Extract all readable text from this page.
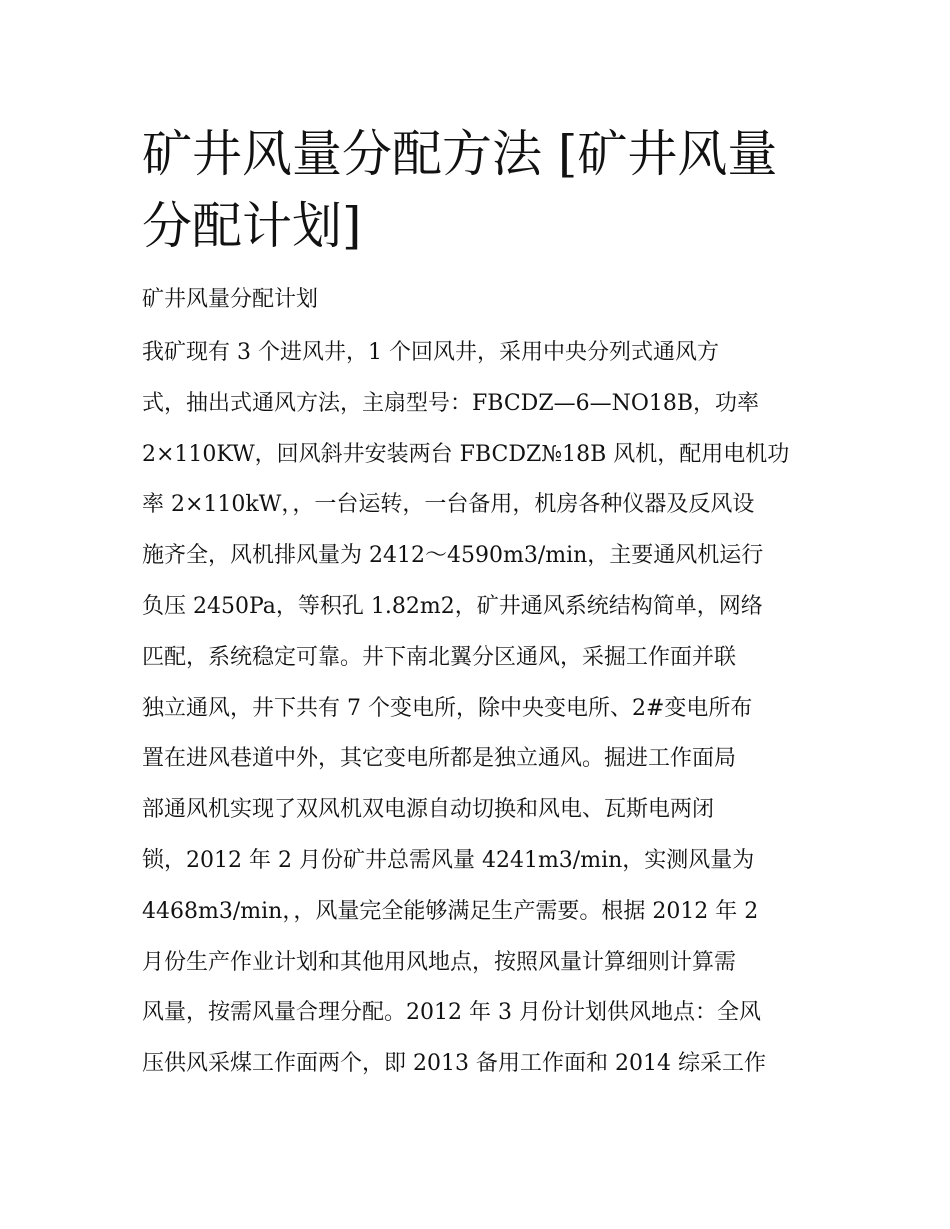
矿井风量分配方法 [矿井风量
分配计划]

矿井风量分配计划

我矿现有 3 个进风井，1 个回风井，采用中央分列式通风方
式，抽出式通风方法，主扇型号：FBCDZ—6—NO18B，功率
2×110KW，回风斜井安装两台 FBCDZ№18B 风机，配用电机功
率 2×110kW，，一台运转，一台备用，机房各种仪器及反风设
施齐全，风机排风量为 2412～4590m3/min，主要通风机运行
负压 2450Pa，等积孔 1.82m2，矿井通风系统结构简单，网络
匹配，系统稳定可靠。井下南北翼分区通风，采掘工作面并联
独立通风，井下共有 7 个变电所，除中央变电所、2#变电所布
置在进风巷道中外，其它变电所都是独立通风。掘进工作面局
部通风机实现了双风机双电源自动切换和风电、瓦斯电两闭
锁，2012 年 2 月份矿井总需风量 4241m3/min，实测风量为
4468m3/min，，风量完全能够满足生产需要。根据 2012 年 2
月份生产作业计划和其他用风地点，按照风量计算细则计算需
风量，按需风量合理分配。2012 年 3 月份计划供风地点：全风
压供风采煤工作面两个，即 2013 备用工作面和 2014 综采工作
